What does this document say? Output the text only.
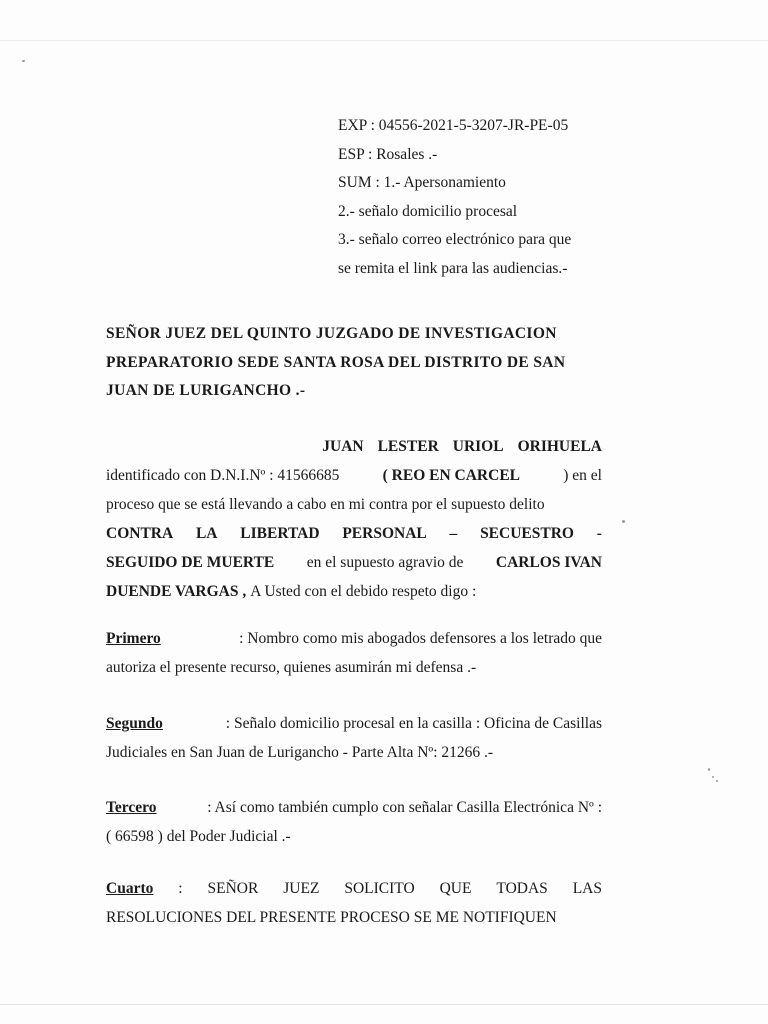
EXP : 04556-2021-5-3207-JR-PE-05
ESP : Rosales .-
SUM : 1.- Apersonamiento
2.- señalo domicilio procesal
3.- señalo correo electrónico para que
se remita el link para las audiencias.-
SEÑOR JUEZ DEL QUINTO JUZGADO DE INVESTIGACION
PREPARATORIO SEDE SANTA ROSA DEL DISTRITO DE SAN
JUAN DE LURIGANCHO .-
JUAN LESTER URIOL ORIHUELA
identificado con D.N.I.Nº : 41566685	( REO EN CARCEL	) en el
proceso que se está llevando a cabo en mi contra por el supuesto delito
CONTRA LA LIBERTAD PERSONAL – SECUESTRO -
SEGUIDO DE MUERTE en el supuesto agravio de CARLOS IVAN
DUENDE VARGAS , A Usted con el debido respeto digo :
Primero	: Nombro como mis abogados defensores a los letrado que
autoriza el presente recurso, quienes asumirán mi defensa .-
Segundo	: Señalo domicilio procesal en la casilla : Oficina de Casillas
Judiciales en San Juan de Lurigancho - Parte Alta Nº: 21266 .-
Tercero	: Así como también cumplo con señalar Casilla Electrónica Nº :
( 66598 ) del Poder Judicial .-
Cuarto : SEÑOR JUEZ SOLICITO QUE TODAS LAS
RESOLUCIONES DEL PRESENTE PROCESO SE ME NOTIFIQUEN
